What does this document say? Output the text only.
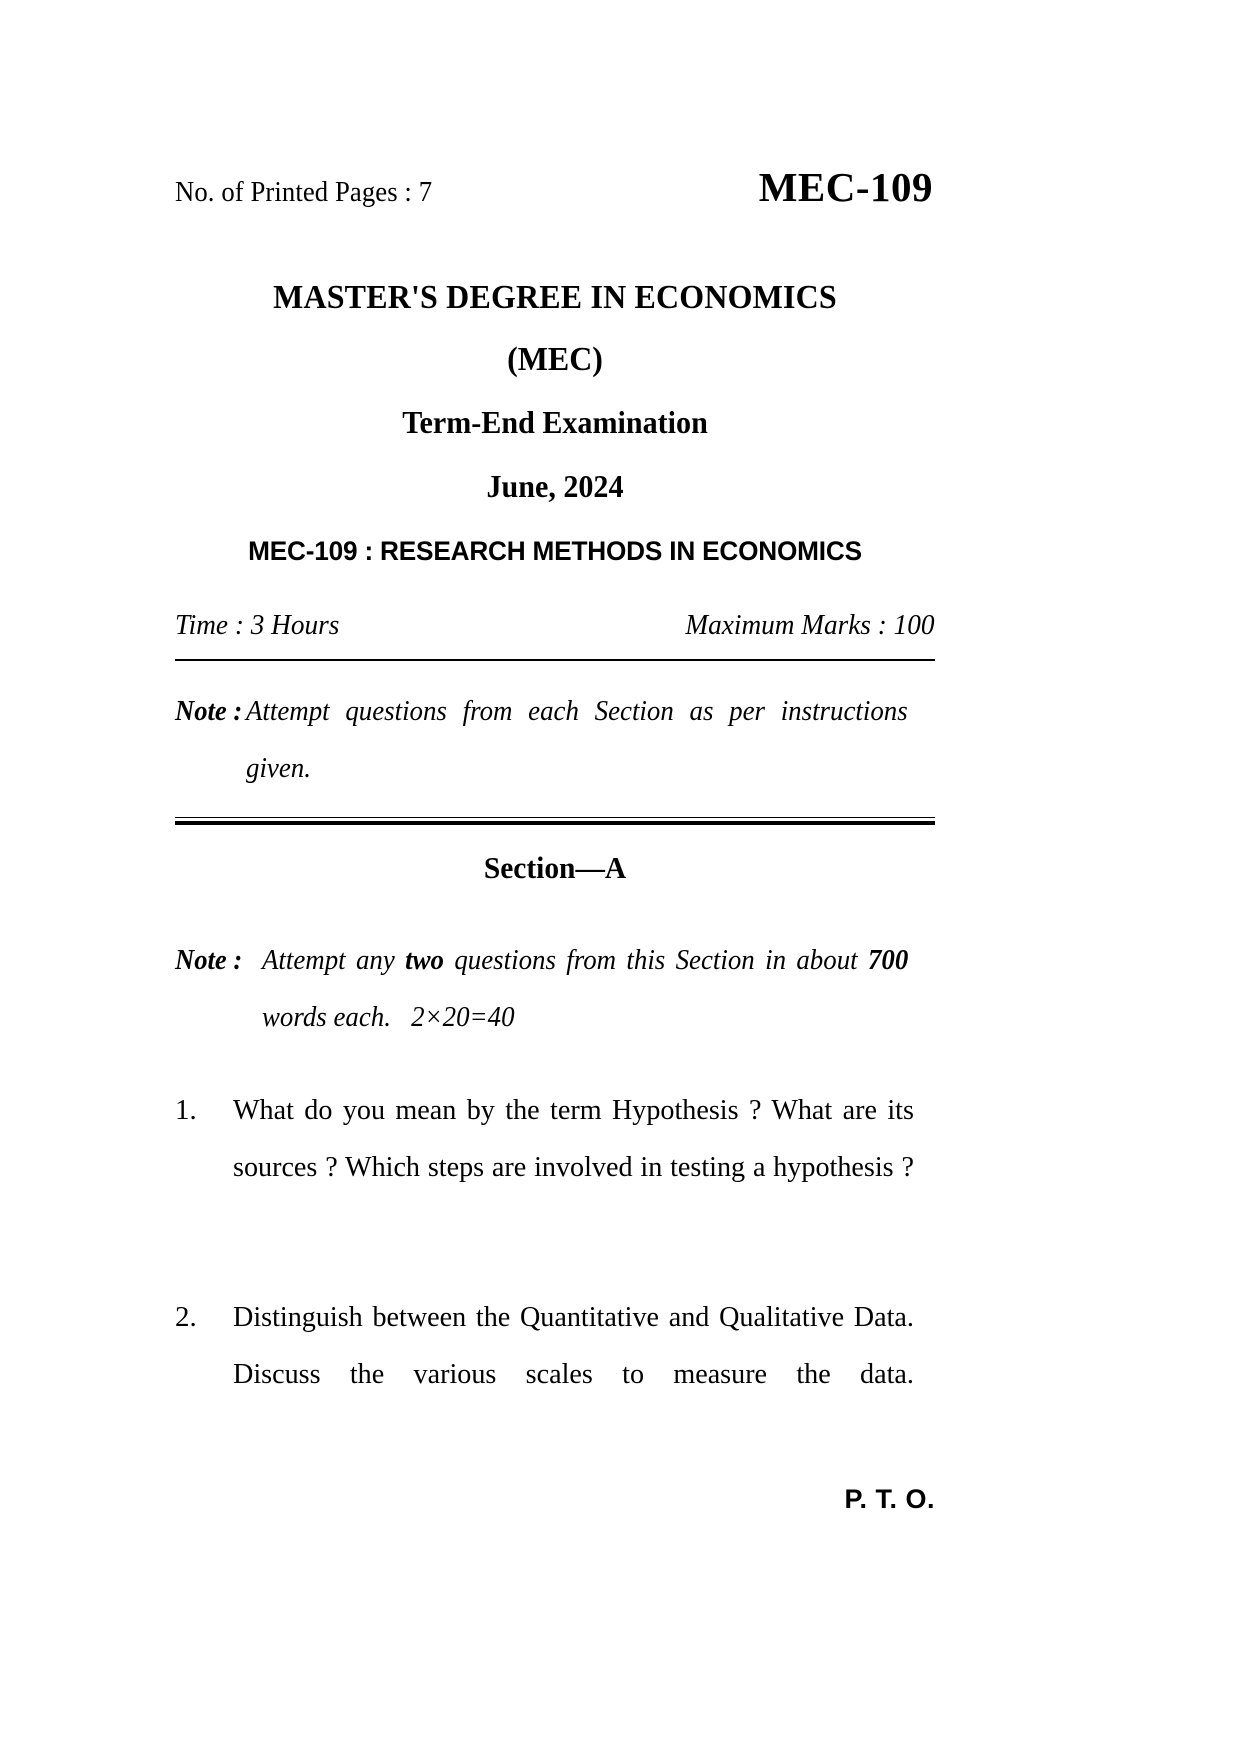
No. of Printed Pages : 7	MEC-109
MASTER'S DEGREE IN ECONOMICS
(MEC)
Term-End Examination
June, 2024
MEC-109 : RESEARCH METHODS IN ECONOMICS
Time : 3 Hours	Maximum Marks : 100
Note : Attempt questions from each Section as per instructions given.
Section—A
Note : Attempt any two questions from this Section in about 700 words each. 2×20=40
1.	What do you mean by the term Hypothesis ? What are its sources ? Which steps are involved in testing a hypothesis ?
2.	Distinguish between the Quantitative and Qualitative Data. Discuss the various scales to measure the data.
P. T. O.
